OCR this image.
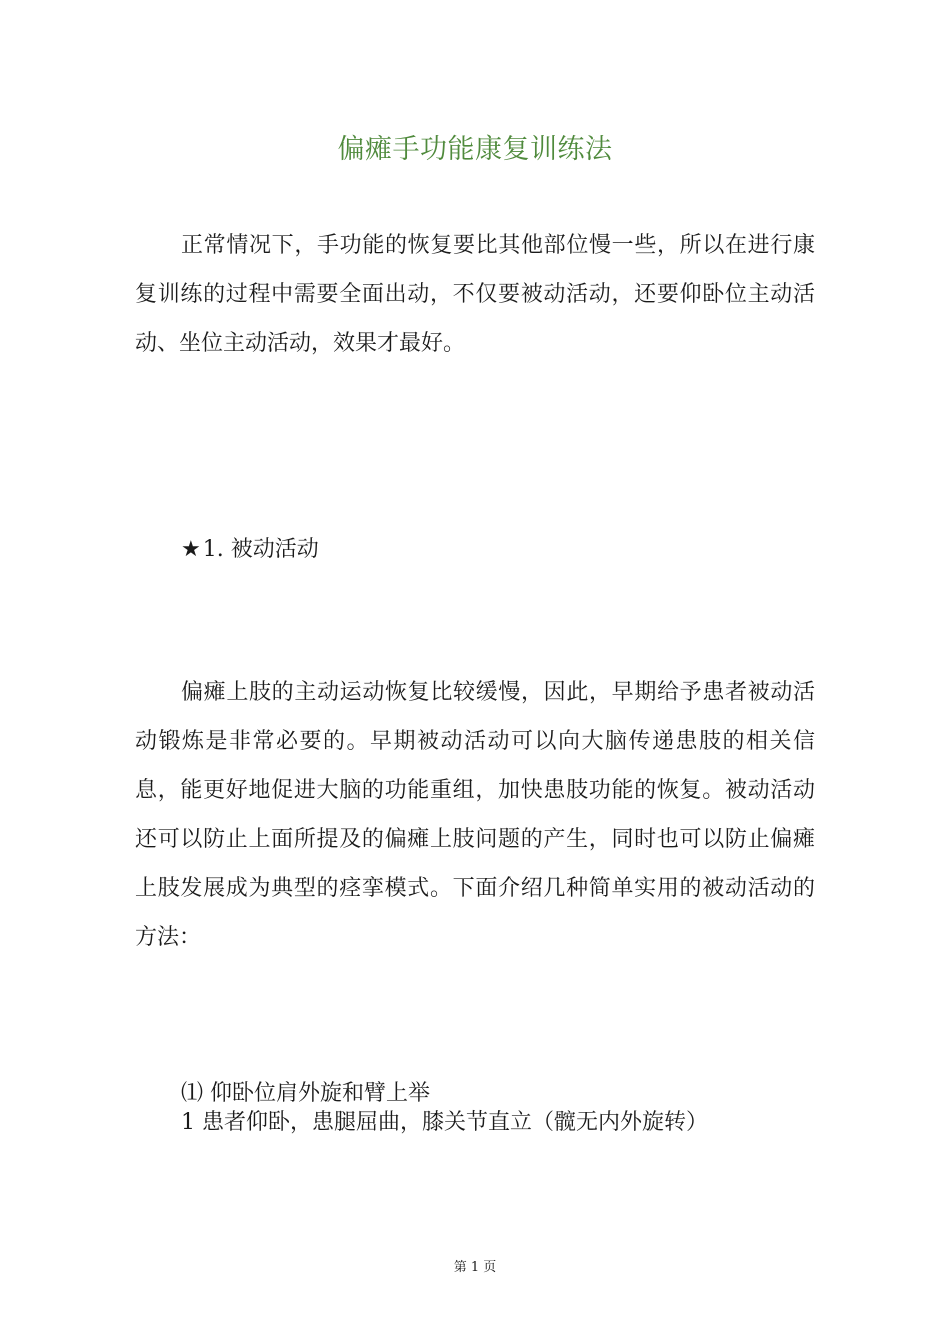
偏瘫手功能康复训练法

正常情况下，手功能的恢复要比其他部位慢一些，所以在进行康复训练的过程中需要全面出动，不仅要被动活动，还要仰卧位主动活动、坐位主动活动，效果才最好。

★1. 被动活动

偏瘫上肢的主动运动恢复比较缓慢，因此，早期给予患者被动活动锻炼是非常必要的。早期被动活动可以向大脑传递患肢的相关信息，能更好地促进大脑的功能重组，加快患肢功能的恢复。被动活动还可以防止上面所提及的偏瘫上肢问题的产生，同时也可以防止偏瘫上肢发展成为典型的痉挛模式。下面介绍几种简单实用的被动活动的方法：

⑴ 仰卧位肩外旋和臂上举

1 患者仰卧，患腿屈曲，膝关节直立（髋无内外旋转）

第 1 页
